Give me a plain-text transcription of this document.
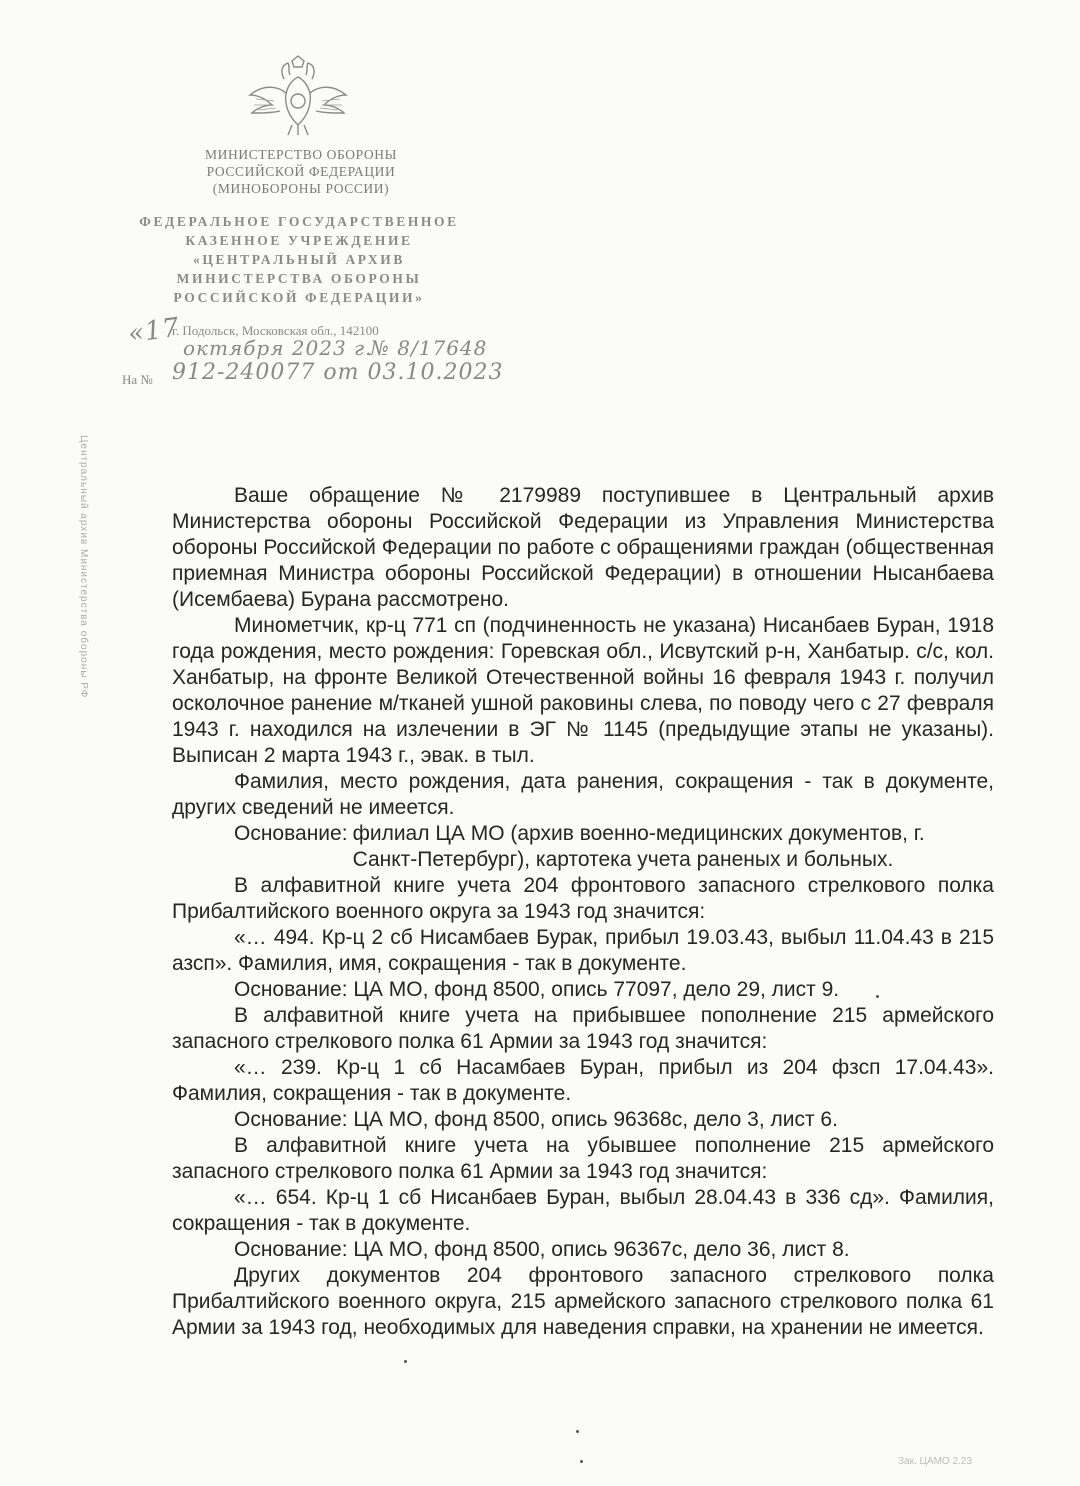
МИНИСТЕРСТВО ОБОРОНЫ
РОССИЙСКОЙ ФЕДЕРАЦИИ
(МИНОБОРОНЫ РОССИИ)
ФЕДЕРАЛЬНОЕ ГОСУДАРСТВЕННОЕ
КАЗЕННОЕ УЧРЕЖДЕНИЕ
«ЦЕНТРАЛЬНЫЙ АРХИВ
МИНИСТЕРСТВА ОБОРОНЫ
РОССИЙСКОЙ ФЕДЕРАЦИИ»
г. Подольск, Московская обл., 142100
«17 октября 2023 г.
№ 8/17648
На № 912-240077 от 03.10.2023
Центральный архив Министерства обороны РФ	Ваше обращение № 2179989 поступившее в Центральный архив Министерства обороны Российской Федерации из Управления Министерства обороны Российской Федерации по работе с обращениями граждан (общественная приемная Министра обороны Российской Федерации) в отношении Нысанбаева (Исембаева) Бурана рассмотрено.

Минометчик, кр-ц 771 сп (подчиненность не указана) Нисанбаев Буран, 1918 года рождения, место рождения: Горевская обл., Исвутский р-н, Ханбатыр. с/с, кол. Ханбатыр, на фронте Великой Отечественной войны 16 февраля 1943 г. получил осколочное ранение м/тканей ушной раковины слева, по поводу чего с 27 февраля 1943 г. находился на излечении в ЭГ № 1145 (предыдущие этапы не указаны). Выписан 2 марта 1943 г., эвак. в тыл.

Фамилия, место рождения, дата ранения, сокращения - так в документе, других сведений не имеется.

Основание: филиал ЦА МО (архив военно-медицинских документов, г. Санкт-Петербург), картотека учета раненых и больных.

В алфавитной книге учета 204 фронтового запасного стрелкового полка Прибалтийского военного округа за 1943 год значится:

«… 494. Кр-ц 2 сб Нисамбаев Бурак, прибыл 19.03.43, выбыл 11.04.43 в 215 азсп». Фамилия, имя, сокращения - так в документе.

Основание: ЦА МО, фонд 8500, опись 77097, дело 29, лист 9.

В алфавитной книге учета на прибывшее пополнение 215 армейского запасного стрелкового полка 61 Армии за 1943 год значится:

«… 239. Кр-ц 1 сб Насамбаев Буран, прибыл из 204 фзсп 17.04.43». Фамилия, сокращения - так в документе.

Основание: ЦА МО, фонд 8500, опись 96368с, дело 3, лист 6.

В алфавитной книге учета на убывшее пополнение 215 армейского запасного стрелкового полка 61 Армии за 1943 год значится:

«… 654. Кр-ц 1 сб Нисанбаев Буран, выбыл 28.04.43 в 336 сд». Фамилия, сокращения - так в документе.

Основание: ЦА МО, фонд 8500, опись 96367с, дело 36, лист 8.

Других документов 204 фронтового запасного стрелкового полка Прибалтийского военного округа, 215 армейского запасного стрелкового полка 61 Армии за 1943 год, необходимых для наведения справки, на хранении не имеется.

Зак. ЦАМО 2.23
